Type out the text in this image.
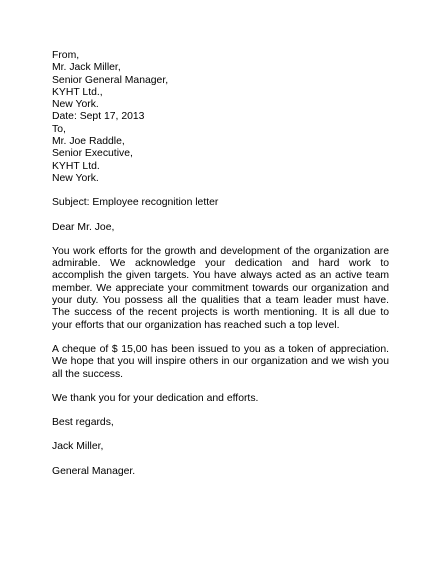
From,
Mr. Jack Miller,
Senior General Manager,
KYHT Ltd.,
New York.
Date: Sept 17, 2013
To,
Mr. Joe Raddle,
Senior Executive,
KYHT Ltd.
New York.
Subject: Employee recognition letter
Dear Mr. Joe,
You work efforts for the growth and development of the organization are admirable. We acknowledge your dedication and hard work to accomplish the given targets. You have always acted as an active team member. We appreciate your commitment towards our organization and your duty. You possess all the qualities that a team leader must have. The success of the recent projects is worth mentioning. It is all due to your efforts that our organization has reached such a top level.
A cheque of $ 15,00 has been issued to you as a token of appreciation. We hope that you will inspire others in our organization and we wish you all the success.
We thank you for your dedication and efforts.
Best regards,
Jack Miller,
General Manager.
